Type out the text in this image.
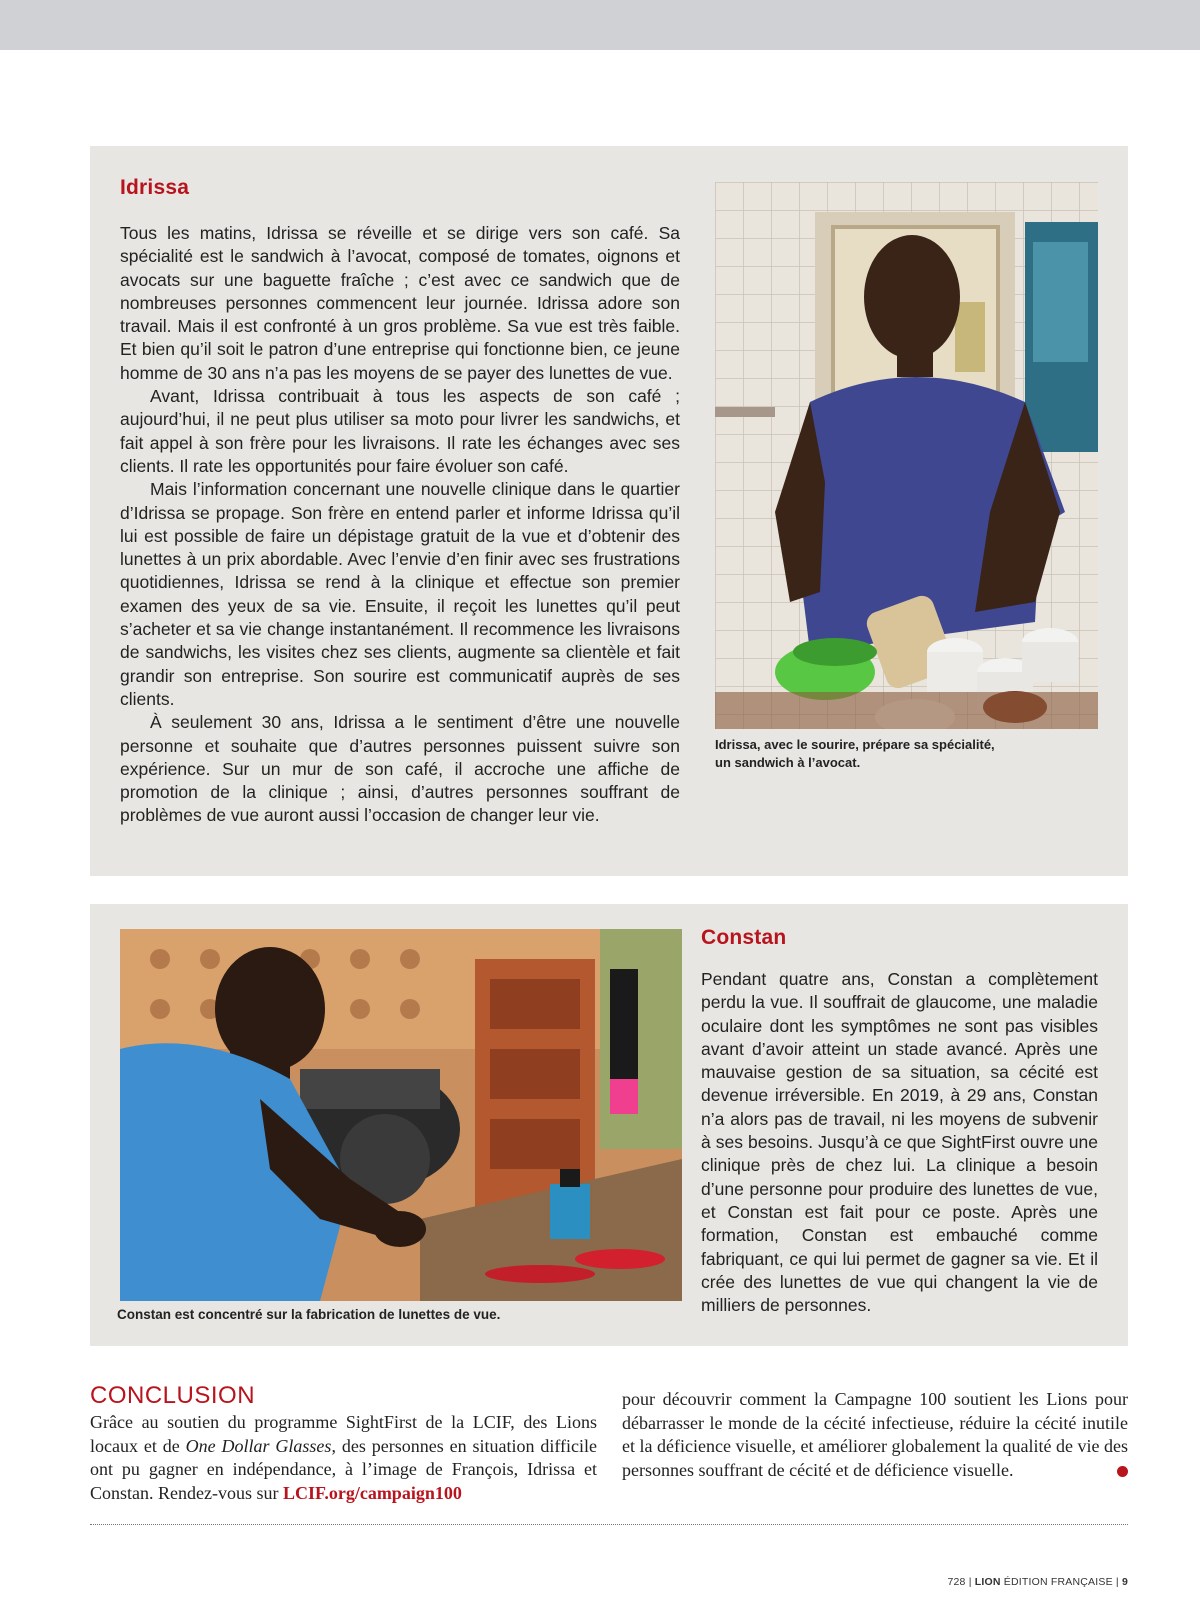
Idrissa

Tous les matins, Idrissa se réveille et se dirige vers son café. Sa spécialité est le sandwich à l’avocat, composé de tomates, oignons et avocats sur une baguette fraîche ; c’est avec ce sandwich que de nombreuses personnes commencent leur journée. Idrissa adore son travail. Mais il est confronté à un gros problème. Sa vue est très faible. Et bien qu’il soit le patron d’une entreprise qui fonctionne bien, ce jeune homme de 30 ans n’a pas les moyens de se payer des lunettes de vue.

Avant, Idrissa contribuait à tous les aspects de son café ; aujourd’hui, il ne peut plus utiliser sa moto pour livrer les sandwichs, et fait appel à son frère pour les livraisons. Il rate les échanges avec ses clients. Il rate les opportunités pour faire évoluer son café.

Mais l’information concernant une nouvelle clinique dans le quartier d’Idrissa se propage. Son frère en entend parler et informe Idrissa qu’il lui est possible de faire un dépistage gratuit de la vue et d’obtenir des lunettes à un prix abordable. Avec l’envie d’en finir avec ses frustrations quotidiennes, Idrissa se rend à la clinique et effectue son premier examen des yeux de sa vie. Ensuite, il reçoit les lunettes qu’il peut s’acheter et sa vie change instantanément. Il recommence les livraisons de sandwichs, les visites chez ses clients, augmente sa clientèle et fait grandir son entreprise. Son sourire est communicatif auprès de ses clients.

À seulement 30 ans, Idrissa a le sentiment d’être une nouvelle personne et souhaite que d’autres personnes puissent suivre son expérience. Sur un mur de son café, il accroche une affiche de promotion de la clinique ; ainsi, d’autres personnes souffrant de problèmes de vue auront aussi l’occasion de changer leur vie.

Idrissa, avec le sourire, prépare sa spécialité,
un sandwich à l’avocat.

Constan est concentré sur la fabrication de lunettes de vue.

Constan

Pendant quatre ans, Constan a complètement perdu la vue. Il souffrait de glaucome, une maladie oculaire dont les symptômes ne sont pas visibles avant d’avoir atteint un stade avancé. Après une mauvaise gestion de sa situation, sa cécité est devenue irréversible. En 2019, à 29 ans, Constan n’a alors pas de travail, ni les moyens de subvenir à ses besoins. Jusqu’à ce que SightFirst ouvre une clinique près de chez lui. La clinique a besoin d’une personne pour produire des lunettes de vue, et Constan est fait pour ce poste. Après une formation, Constan est embauché comme fabriquant, ce qui lui permet de gagner sa vie. Et il crée des lunettes de vue qui changent la vie de milliers de personnes.

CONCLUSION

Grâce au soutien du programme SightFirst de la LCIF, des Lions locaux et de One Dollar Glasses, des personnes en situation difficile ont pu gagner en indépendance, à l’image de François, Idrissa et Constan. Rendez-vous sur LCIF.org/campaign100

pour découvrir comment la Campagne 100 soutient les Lions pour débarrasser le monde de la cécité infectieuse, réduire la cécité inutile et la déficience visuelle, et améliorer globalement la qualité de vie des personnes souffrant de cécité et de déficience visuelle.

728 | LION ÉDITION FRANÇAISE | 9
